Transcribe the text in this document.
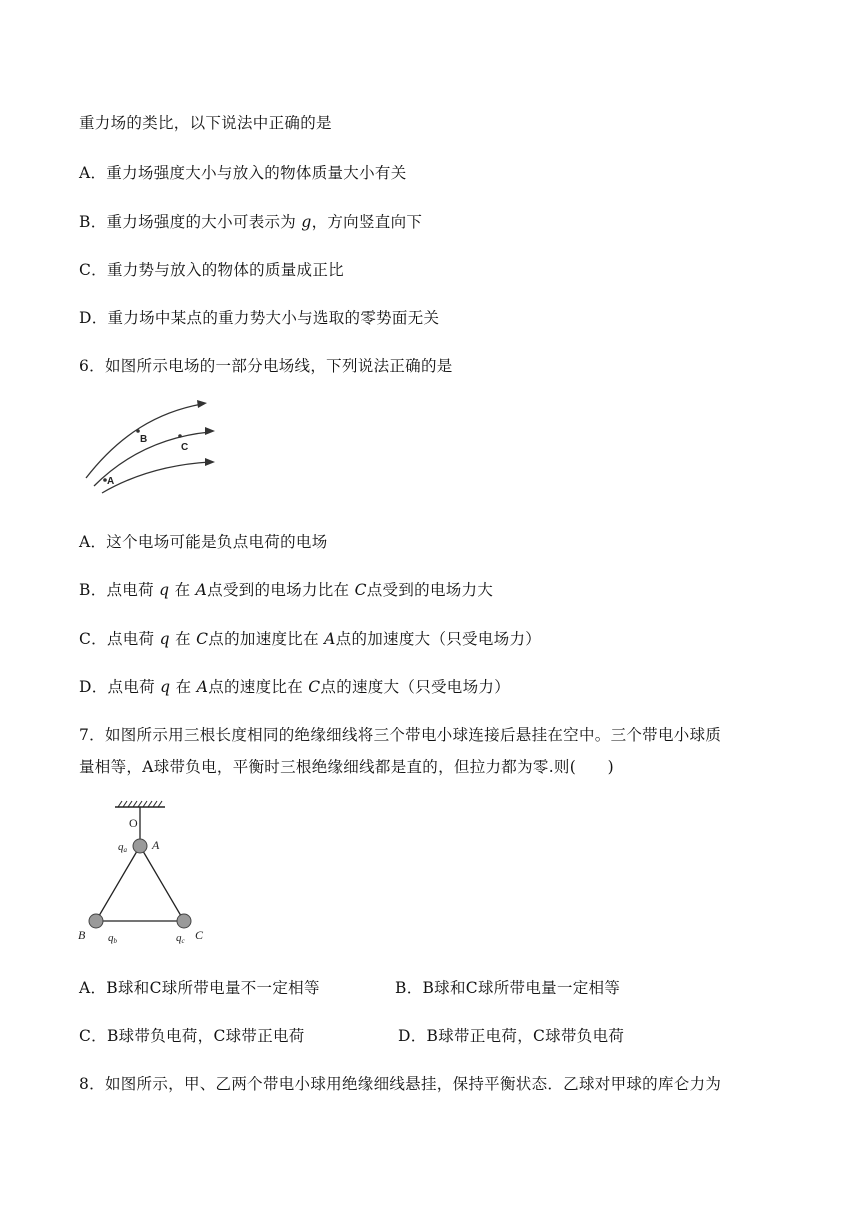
重力场的类比，以下说法中正确的是
A．重力场强度大小与放入的物体质量大小有关
B．重力场强度的大小可表示为 g，方向竖直向下
C．重力势与放入的物体的质量成正比
D．重力场中某点的重力势大小与选取的零势面无关
6．如图所示电场的一部分电场线，下列说法正确的是
B
C
A
A．这个电场可能是负点电荷的电场
B．点电荷 q 在 A点受到的电场力比在 C点受到的电场力大
C．点电荷 q 在 C点的加速度比在 A点的加速度大（只受电场力）
D．点电荷 q 在 A点的速度比在 C点的速度大（只受电场力）
7．如图所示用三根长度相同的绝缘细线将三个带电小球连接后悬挂在空中。三个带电小球质
量相等，A球带负电，平衡时三根绝缘细线都是直的，但拉力都为零.则(　　)
O
A
B	C
qa
qb	qc
A．B球和C球所带电量不一定相等	B．B球和C球所带电量一定相等
C．B球带负电荷，C球带正电荷	D．B球带正电荷，C球带负电荷
8．如图所示，甲、乙两个带电小球用绝缘细线悬挂，保持平衡状态．乙球对甲球的库仑力为
